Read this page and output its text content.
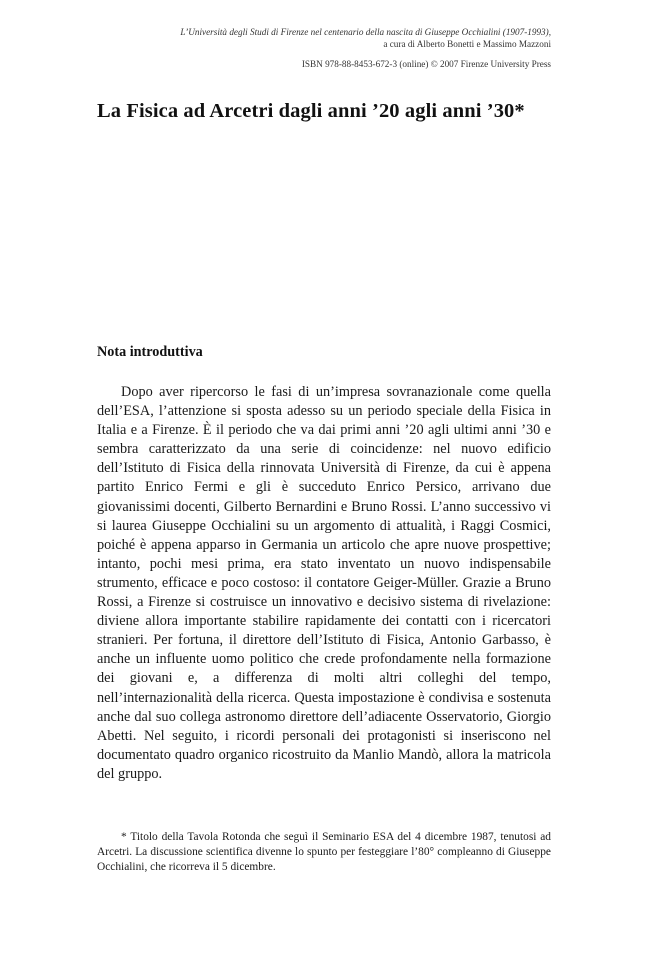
L’Università degli Studi di Firenze nel centenario della nascita di Giuseppe Occhialini (1907-1993),
a cura di Alberto Bonetti e Massimo Mazzoni
ISBN 978-88-8453-672-3 (online) © 2007 Firenze University Press
La Fisica ad Arcetri dagli anni ’20 agli anni ’30*
Nota introduttiva

Dopo aver ripercorso le fasi di un’impresa sovranazionale come quella dell’ESA, l’attenzione si sposta adesso su un periodo speciale della Fisica in Italia e a Firenze. È il periodo che va dai primi anni ’20 agli ultimi anni ’30 e sembra caratterizzato da una serie di coincidenze: nel nuovo edificio dell’Istituto di Fisica della rinnovata Università di Firenze, da cui è appena partito Enrico Fermi e gli è succeduto Enrico Persico, arrivano due giovanissimi docenti, Gilberto Bernardini e Bruno Rossi. L’anno successivo vi si laurea Giuseppe Occhialini su un argomento di attualità, i Raggi Cosmici, poiché è appena apparso in Germania un articolo che apre nuove prospettive; intanto, pochi mesi prima, era stato inventato un nuovo indispensabile strumento, efficace e poco costoso: il contatore Geiger-Müller. Grazie a Bruno Rossi, a Firenze si costruisce un innovativo e decisivo sistema di rivelazione: diviene allora importante stabilire rapidamente dei contatti con i ricercatori stranieri. Per fortuna, il direttore dell’Istituto di Fisica, Antonio Garbasso, è anche un influente uomo politico che crede profondamente nella formazione dei giovani e, a differenza di molti altri colleghi del tempo, nell’internazionalità della ricerca. Questa impostazione è condivisa e sostenuta anche dal suo collega astronomo direttore dell’adiacente Osservatorio, Giorgio Abetti. Nel seguito, i ricordi personali dei protagonisti si inseriscono nel documentato quadro organico ricostruito da Manlio Mandò, allora la matricola del gruppo.

* Titolo della Tavola Rotonda che seguì il Seminario ESA del 4 dicembre 1987, tenutosi ad Arcetri. La discussione scientifica divenne lo spunto per festeggiare l’80° compleanno di Giuseppe Occhialini, che ricorreva il 5 dicembre.
